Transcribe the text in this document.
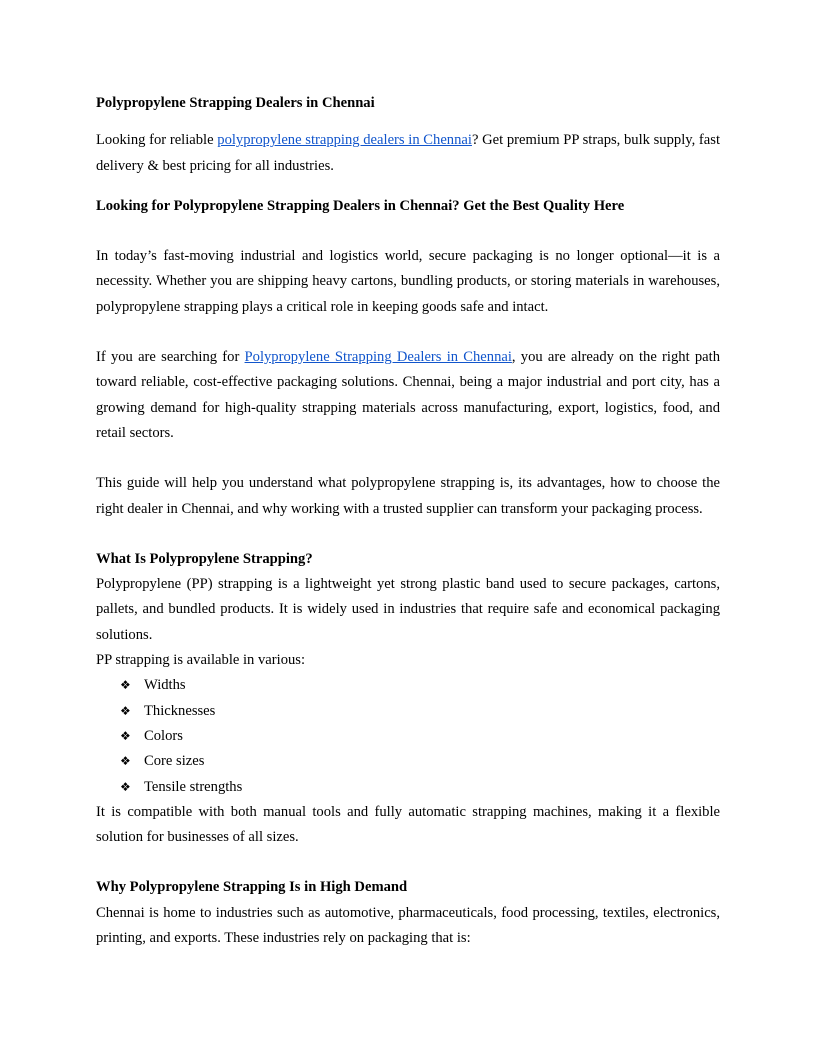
Polypropylene Strapping Dealers in Chennai

Looking for reliable polypropylene strapping dealers in Chennai? Get premium PP straps, bulk supply, fast delivery & best pricing for all industries.

Looking for Polypropylene Strapping Dealers in Chennai? Get the Best Quality Here

In today’s fast-moving industrial and logistics world, secure packaging is no longer optional—it is a necessity. Whether you are shipping heavy cartons, bundling products, or storing materials in warehouses, polypropylene strapping plays a critical role in keeping goods safe and intact.

If you are searching for Polypropylene Strapping Dealers in Chennai, you are already on the right path toward reliable, cost-effective packaging solutions. Chennai, being a major industrial and port city, has a growing demand for high-quality strapping materials across manufacturing, export, logistics, food, and retail sectors.

This guide will help you understand what polypropylene strapping is, its advantages, how to choose the right dealer in Chennai, and why working with a trusted supplier can transform your packaging process.

What Is Polypropylene Strapping?

Polypropylene (PP) strapping is a lightweight yet strong plastic band used to secure packages, cartons, pallets, and bundled products. It is widely used in industries that require safe and economical packaging solutions.

PP strapping is available in various:

❖ Widths
❖ Thicknesses
❖ Colors
❖ Core sizes
❖ Tensile strengths

It is compatible with both manual tools and fully automatic strapping machines, making it a flexible solution for businesses of all sizes.

Why Polypropylene Strapping Is in High Demand

Chennai is home to industries such as automotive, pharmaceuticals, food processing, textiles, electronics, printing, and exports. These industries rely on packaging that is:
